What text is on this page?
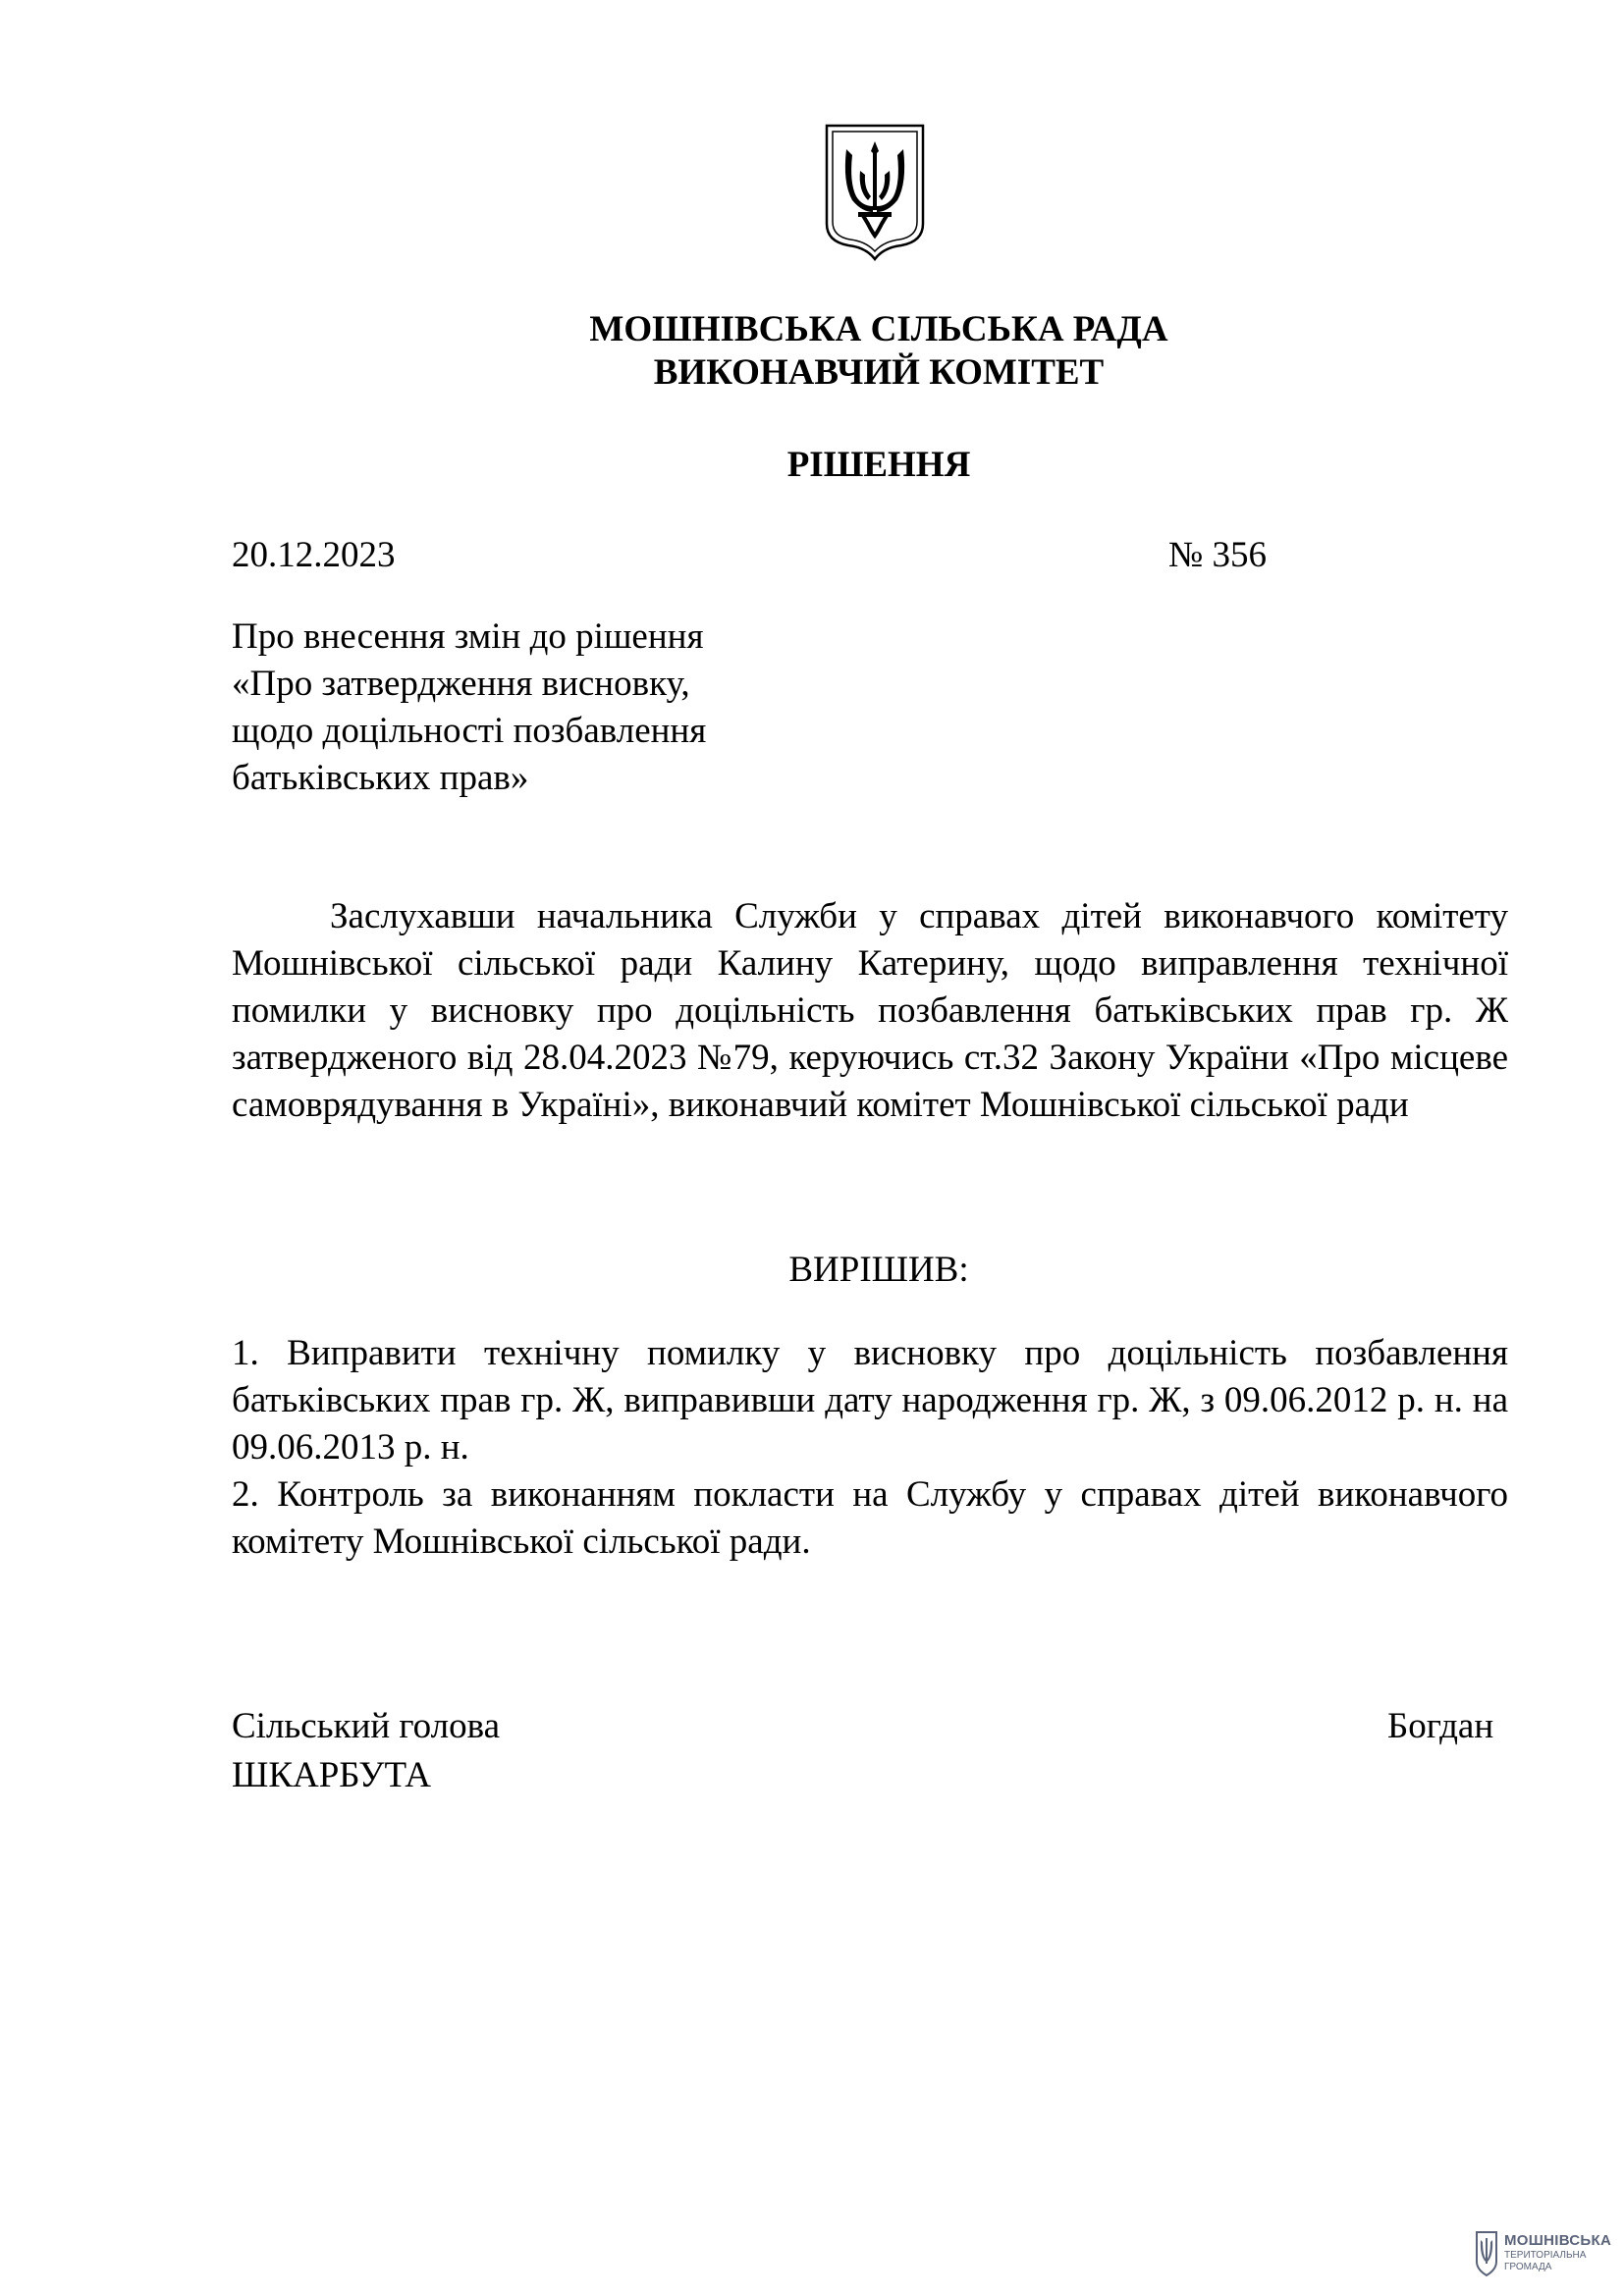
МОШНІВСЬКА СІЛЬСЬКА РАДА
ВИКОНАВЧИЙ КОМІТЕТ
РІШЕННЯ
20.12.2023	№ 356
Про внесення змін до рішення
«Про затвердження висновку,
щодо доцільності позбавлення
батьківських прав»
Заслухавши начальника Служби у справах дітей виконавчого комітету Мошнівської сільської ради Калину Катерину, щодо виправлення технічної помилки у висновку про доцільність позбавлення батьківських прав гр. Ж затвердженого від 28.04.2023 №79, керуючись ст.32 Закону України «Про місцеве самоврядування в Україні», виконавчий комітет Мошнівської сільської ради
ВИРІШИВ:

1. Виправити технічну помилку у висновку про доцільність позбавлення батьківських прав гр. Ж, виправивши дату народження гр. Ж, з 09.06.2012 р. н. на 09.06.2013 р. н.

2. Контроль за виконанням покласти на Службу у справах дітей виконавчого комітету Мошнівської сільської ради.

Сільський голова	Богдан
ШКАРБУТА
МОШНІВСЬКА
ТЕРИТОРІАЛЬНА
ГРОМАДА
